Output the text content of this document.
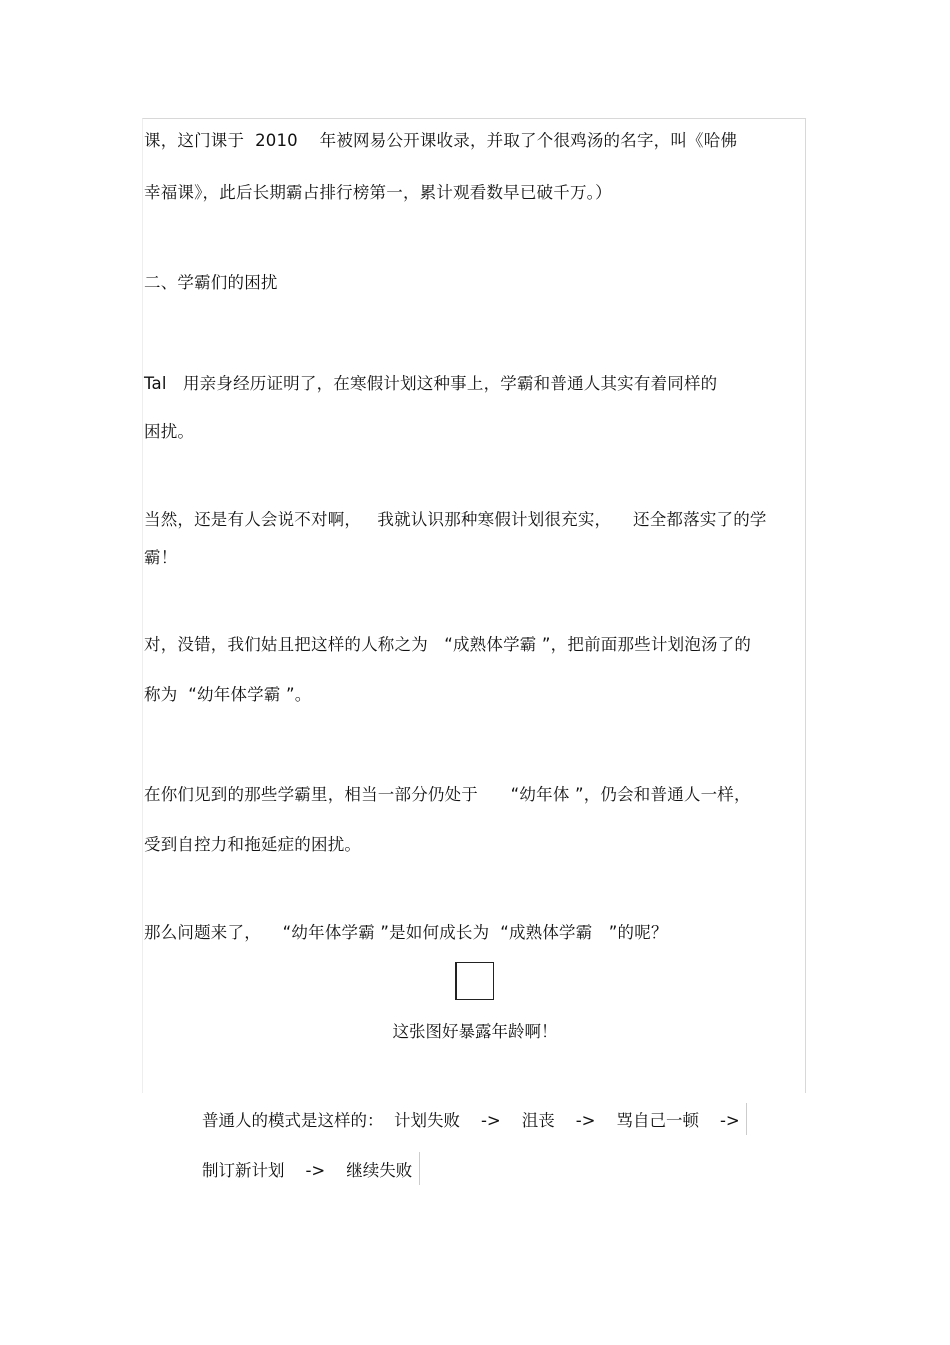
课，这门课于  2010    年被网易公开课收录，并取了个很鸡汤的名字，叫《哈佛
幸福课》，此后长期霸占排行榜第一，累计观看数早已破千万。）
二、学霸们的困扰
Tal   用亲身经历证明了，在寒假计划这种事上，学霸和普通人其实有着同样的
困扰。
当然，还是有人会说不对啊，   我就认识那种寒假计划很充实，    还全都落实了的学
霸！
对，没错，我们姑且把这样的人称之为   “成熟体学霸 ”，把前面那些计划泡汤了的
称为  “幼年体学霸 ”。
在你们见到的那些学霸里，相当一部分仍处于      “幼年体 ”，仍会和普通人一样，
受到自控力和拖延症的困扰。
那么问题来了，    “幼年体学霸 ”是如何成长为  “成熟体学霸   ”的呢？
这张图好暴露年龄啊！
普通人的模式是这样的：  计划失败    ->    沮丧    ->    骂自己一顿    ->
制订新计划    ->    继续失败
